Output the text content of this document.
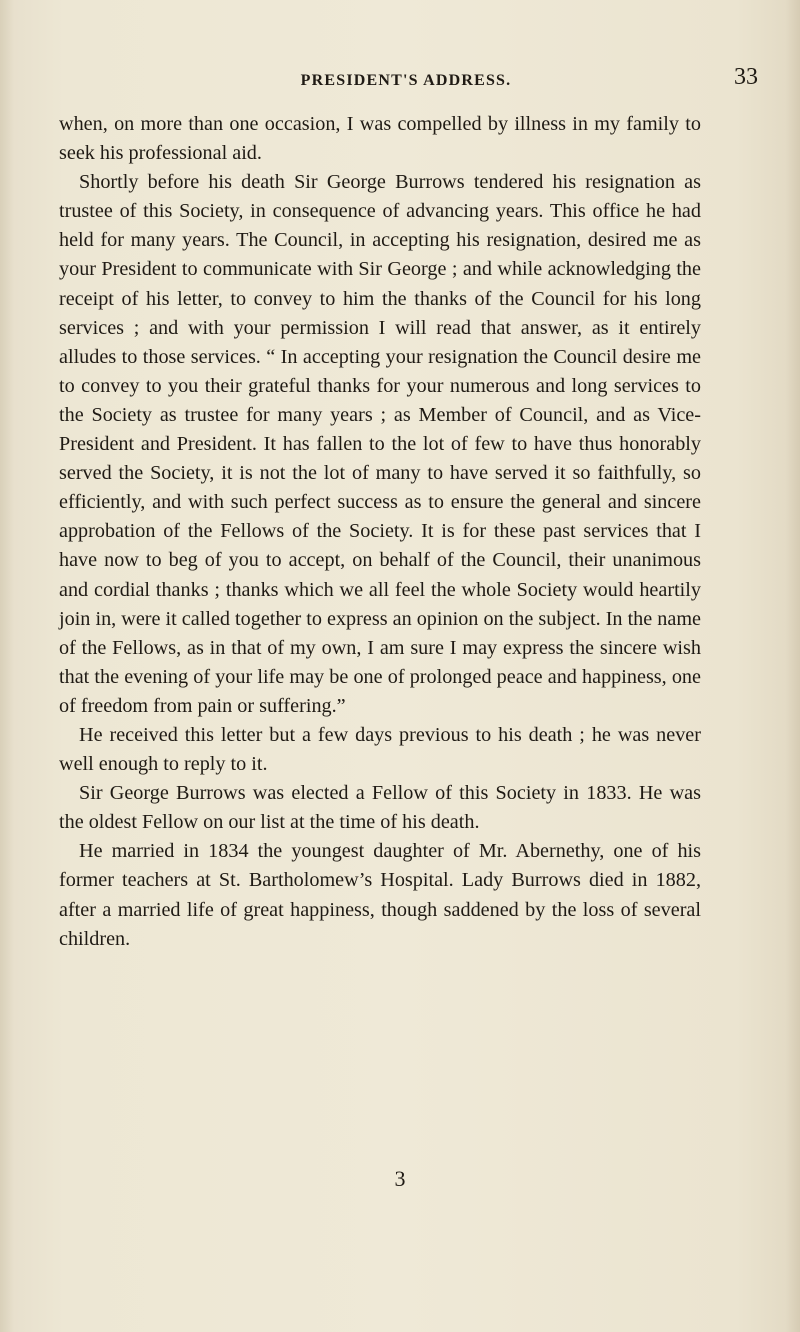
PRESIDENT'S ADDRESS.	33

when, on more than one occasion, I was compelled by illness in my family to seek his professional aid.

Shortly before his death Sir George Burrows tendered his resignation as trustee of this Society, in consequence of advancing years. This office he had held for many years. The Council, in accepting his resignation, desired me as your President to communicate with Sir George ; and while acknowledging the receipt of his letter, to convey to him the thanks of the Council for his long services ; and with your permission I will read that answer, as it entirely alludes to those services. “ In accepting your resignation the Council desire me to convey to you their grateful thanks for your numerous and long services to the Society as trustee for many years ; as Member of Council, and as Vice-President and President. It has fallen to the lot of few to have thus honorably served the Society, it is not the lot of many to have served it so faithfully, so efficiently, and with such perfect success as to ensure the general and sincere approbation of the Fellows of the Society. It is for these past services that I have now to beg of you to accept, on behalf of the Council, their unanimous and cordial thanks ; thanks which we all feel the whole Society would heartily join in, were it called together to express an opinion on the subject. In the name of the Fellows, as in that of my own, I am sure I may express the sincere wish that the evening of your life may be one of prolonged peace and happiness, one of freedom from pain or suffering.”

He received this letter but a few days previous to his death ; he was never well enough to reply to it.

Sir George Burrows was elected a Fellow of this Society in 1833. He was the oldest Fellow on our list at the time of his death.

He married in 1834 the youngest daughter of Mr. Abernethy, one of his former teachers at St. Bartholomew’s Hospital. Lady Burrows died in 1882, after a married life of great happiness, though saddened by the loss of several children.

3
